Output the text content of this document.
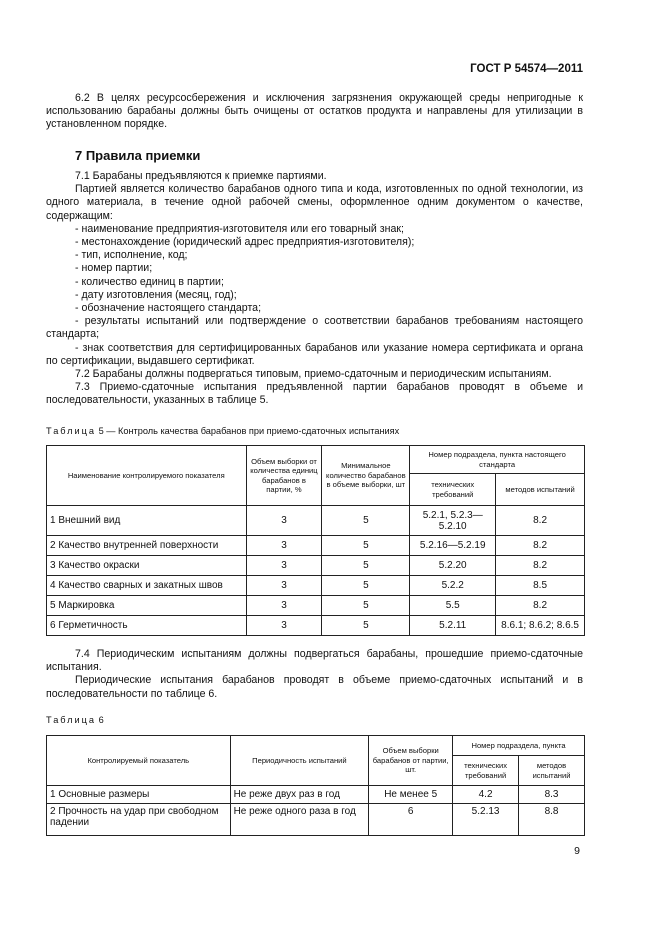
ГОСТ Р 54574—2011

6.2 В целях ресурсосбережения и исключения загрязнения окружающей среды непригодные к использованию барабаны должны быть очищены от остатков продукта и направлены для утилизации в установленном порядке.

7 Правила приемки

7.1 Барабаны предъявляются к приемке партиями.

Партией является количество барабанов одного типа и кода, изготовленных по одной технологии, из одного материала, в течение одной рабочей смены, оформленное одним документом о качестве, содержащим:

- наименование предприятия-изготовителя или его товарный знак;

- местонахождение (юридический адрес предприятия-изготовителя);

- тип, исполнение, код;

- номер партии;

- количество единиц в партии;

- дату изготовления (месяц, год);

- обозначение настоящего стандарта;

- результаты испытаний или подтверждение о соответствии барабанов требованиям настоящего стандарта;

- знак соответствия для сертифицированных барабанов или указание номера сертификата и органа по сертификации, выдавшего сертификат.

7.2 Барабаны должны подвергаться типовым, приемо-сдаточным и периодическим испытаниям.

7.3 Приемо-сдаточные испытания предъявленной партии барабанов проводят в объеме и последовательности, указанных в таблице 5.

Таблица 5 — Контроль качества барабанов при приемо-сдаточных испытаниях
Наименование контролируемого показателя	Объем выборки от количества единиц барабанов в партии, %	Минимальное количество барабанов в объеме выборки, шт	Номер подраздела, пункта настоящего стандарта	
			технических требований	методов испытаний
1 Внешний вид	3	5	5.2.1, 5.2.3—5.2.10	8.2
2 Качество внутренней поверхности	3	5	5.2.16—5.2.19	8.2
3 Качество окраски	3	5	5.2.20	8.2
4 Качество сварных и закатных швов	3	5	5.2.2	8.5
5 Маркировка	3	5	5.5	8.2
6 Герметичность	3	5	5.2.11	8.6.1; 8.6.2; 8.6.5

7.4 Периодическим испытаниям должны подвергаться барабаны, прошедшие приемо-сдаточные испытания.

Периодические испытания барабанов проводят в объеме приемо-сдаточных испытаний и в последовательности по таблице 6.

Таблица 6
Контролируемый показатель	Периодичность испытаний	Объем выборки барабанов от партии, шт.	Номер подраздела, пункта	
			технических требований	методов испытаний
1 Основные размеры	Не реже двух раз в год	Не менее 5	4.2	8.3
2 Прочность на удар при свободном падении	Не реже одного раза в год	6	5.2.13	8.8
9
